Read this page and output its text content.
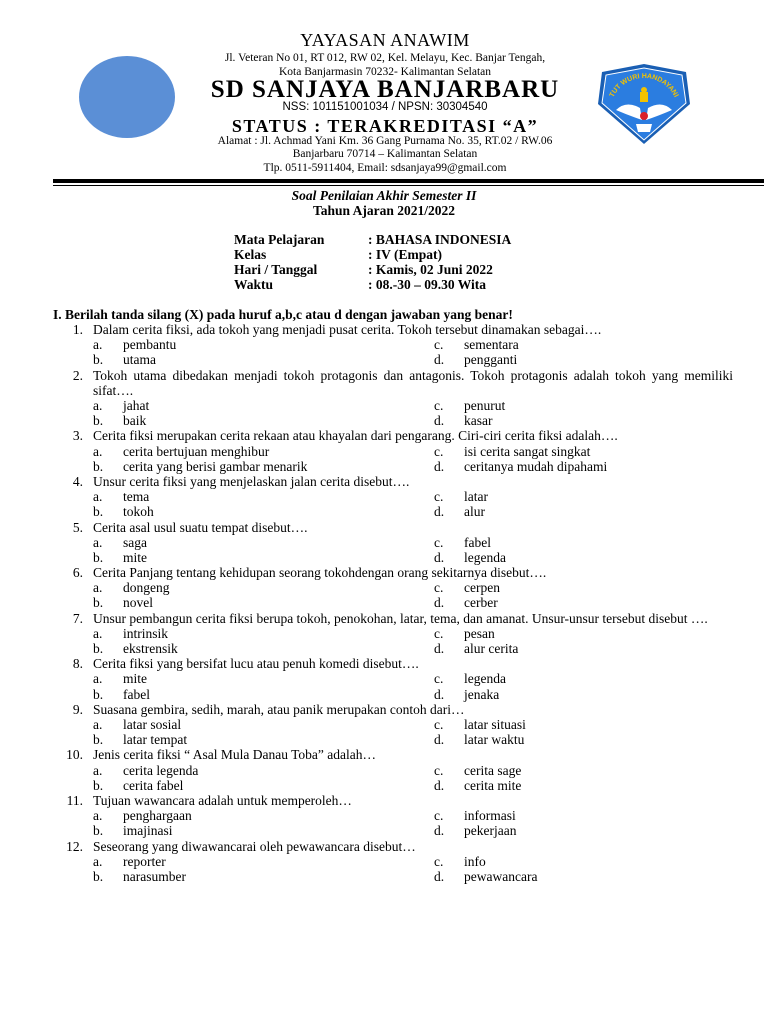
YAYASAN ANAWIM
Jl. Veteran No 01, RT 012, RW 02, Kel. Melayu, Kec. Banjar Tengah,
Kota Banjarmasin 70232- Kalimantan Selatan
SD SANJAYA BANJARBARU
NSS: 101151001034 / NPSN: 30304540
STATUS : TERAKREDITASI “A”
Alamat : Jl. Achmad Yani Km. 36 Gang Purnama No. 35, RT.02 / RW.06
Banjarbaru 70714 – Kalimantan Selatan
Tlp. 0511-5911404, Email: sdsanjaya99@gmail.com
TUT WURI HANDAYANI
Soal Penilaian Akhir Semester II
Tahun Ajaran 2021/2022
Mata Pelajaran	: BAHASA INDONESIA
Kelas	: IV (Empat)
Hari / Tanggal	: Kamis, 02 Juni 2022
Waktu	: 08.-30 – 09.30 Wita
I. Berilah tanda silang (X) pada huruf a,b,c atau d dengan jawaban yang benar!
1. Dalam cerita fiksi, ada tokoh yang menjadi pusat cerita. Tokoh tersebut dinamakan sebagai….
a. pembantu	c. sementara
b. utama	d. pengganti
2. Tokoh utama dibedakan menjadi tokoh protagonis dan antagonis. Tokoh protagonis adalah tokoh yang memiliki sifat….
a. jahat	c. penurut
b. baik	d. kasar
3. Cerita fiksi merupakan cerita rekaan atau khayalan dari pengarang. Ciri-ciri cerita fiksi adalah….
a. cerita bertujuan menghibur	c. isi cerita sangat singkat
b. cerita yang berisi gambar menarik	d. ceritanya mudah dipahami
4. Unsur cerita fiksi yang menjelaskan jalan cerita disebut….
a. tema	c. latar
b. tokoh	d. alur
5. Cerita asal usul suatu tempat disebut….
a. saga	c. fabel
b. mite	d. legenda
6. Cerita Panjang tentang kehidupan seorang tokohdengan orang sekitarnya disebut….
a. dongeng	c. cerpen
b. novel	d. cerber
7. Unsur pembangun cerita fiksi berupa tokoh, penokohan, latar, tema, dan amanat. Unsur-unsur tersebut disebut ….
a. intrinsik	c. pesan
b. ekstrensik	d. alur cerita
8. Cerita fiksi yang bersifat lucu atau penuh komedi disebut….
a. mite	c. legenda
b. fabel	d. jenaka
9. Suasana gembira, sedih, marah, atau panik merupakan contoh dari…
a. latar sosial	c. latar situasi
b. latar tempat	d. latar waktu
10. Jenis cerita fiksi “ Asal Mula Danau Toba” adalah…
a. cerita legenda	c. cerita sage
b. cerita fabel	d. cerita mite
11. Tujuan wawancara adalah untuk memperoleh…
a. penghargaan	c. informasi
b. imajinasi	d. pekerjaan
12. Seseorang yang diwawancarai oleh pewawancara disebut…
a. reporter	c. info
b. narasumber	d. pewawancara
